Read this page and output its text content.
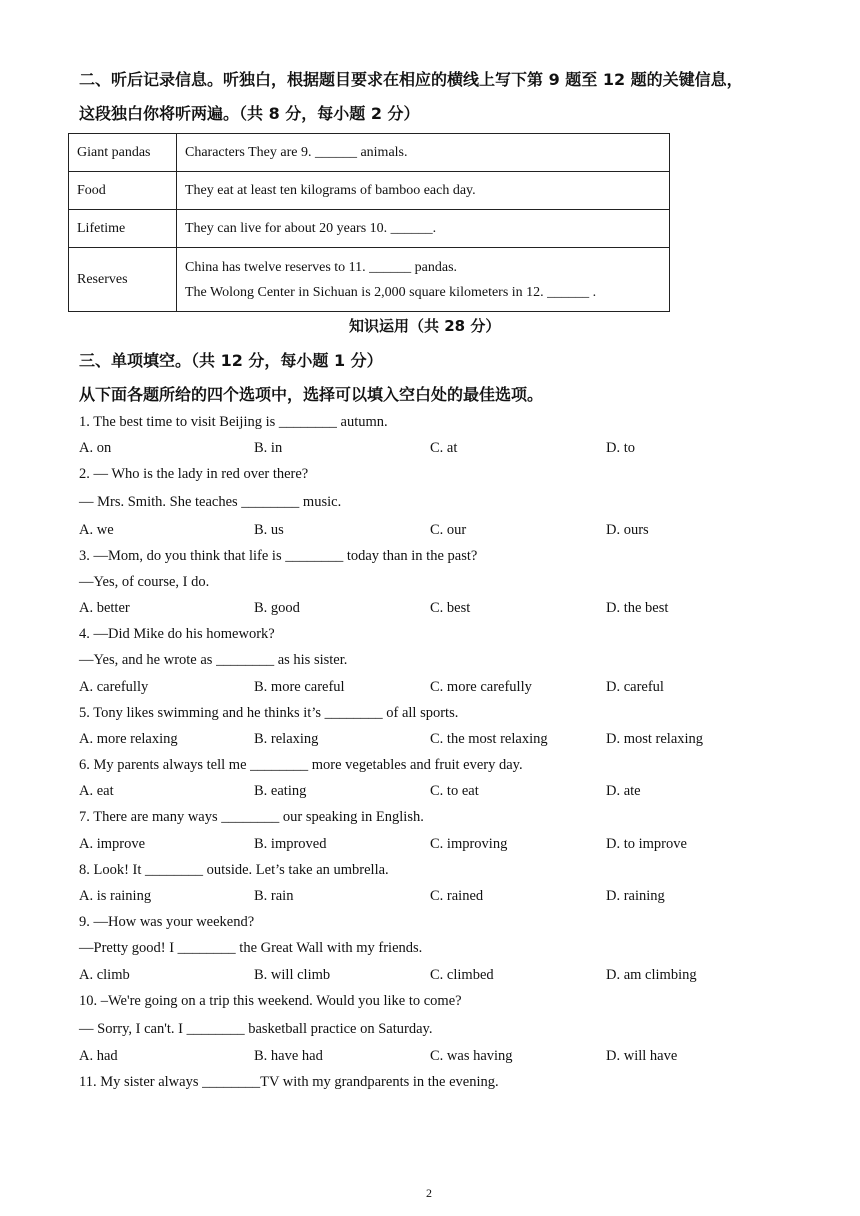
二、听后记录信息。听独白，根据题目要求在相应的横线上写下第 9 题至 12 题的关键信息，
这段独白你将听两遍。（共 8 分，每小题 2 分）
Giant pandas	Characters They are 9. ______ animals.

Food	They eat at least ten kilograms of bamboo each day.

Lifetime	They can live for about 20 years 10. ______.

Reserves	China has twelve reserves to 11. ______ pandas.
The Wolong Center in Sichuan is 2,000 square kilometers in 12. ______ .
知识运用（共 28 分）
三、单项填空。（共 12 分，每小题 1 分）
从下面各题所给的四个选项中，选择可以填入空白处的最佳选项。
1. The best time to visit Beijing is ________ autumn.
A. on	B. in	C. at	D. to
2. — Who is the lady in red over there?
— Mrs. Smith. She teaches ________ music.
A. we	B. us	C. our	D. ours
3. —Mom, do you think that life is ________ today than in the past?
—Yes, of course, I do.
A. better	B. good	C. best	D. the best
4. —Did Mike do his homework?
—Yes, and he wrote as ________ as his sister.
A. carefully	B. more careful	C. more carefully	D. careful
5. Tony likes swimming and he thinks it’s ________ of all sports.
A. more relaxing	B. relaxing	C. the most relaxing	D. most relaxing
6. My parents always tell me ________ more vegetables and fruit every day.
A. eat	B. eating	C. to eat	D. ate
7. There are many ways ________ our speaking in English.
A. improve	B. improved	C. improving	D. to improve
8. Look! It ________ outside. Let’s take an umbrella.
A. is raining	B. rain	C. rained	D. raining
9. —How was your weekend?
—Pretty good! I ________ the Great Wall with my friends.
A. climb	B. will climb	C. climbed	D. am climbing
10. ‒We're going on a trip this weekend. Would you like to come?
— Sorry, I can't. I ________ basketball practice on Saturday.
A. had	B. have had	C. was having	D. will have
11. My sister always ________TV with my grandparents in the evening.
2
